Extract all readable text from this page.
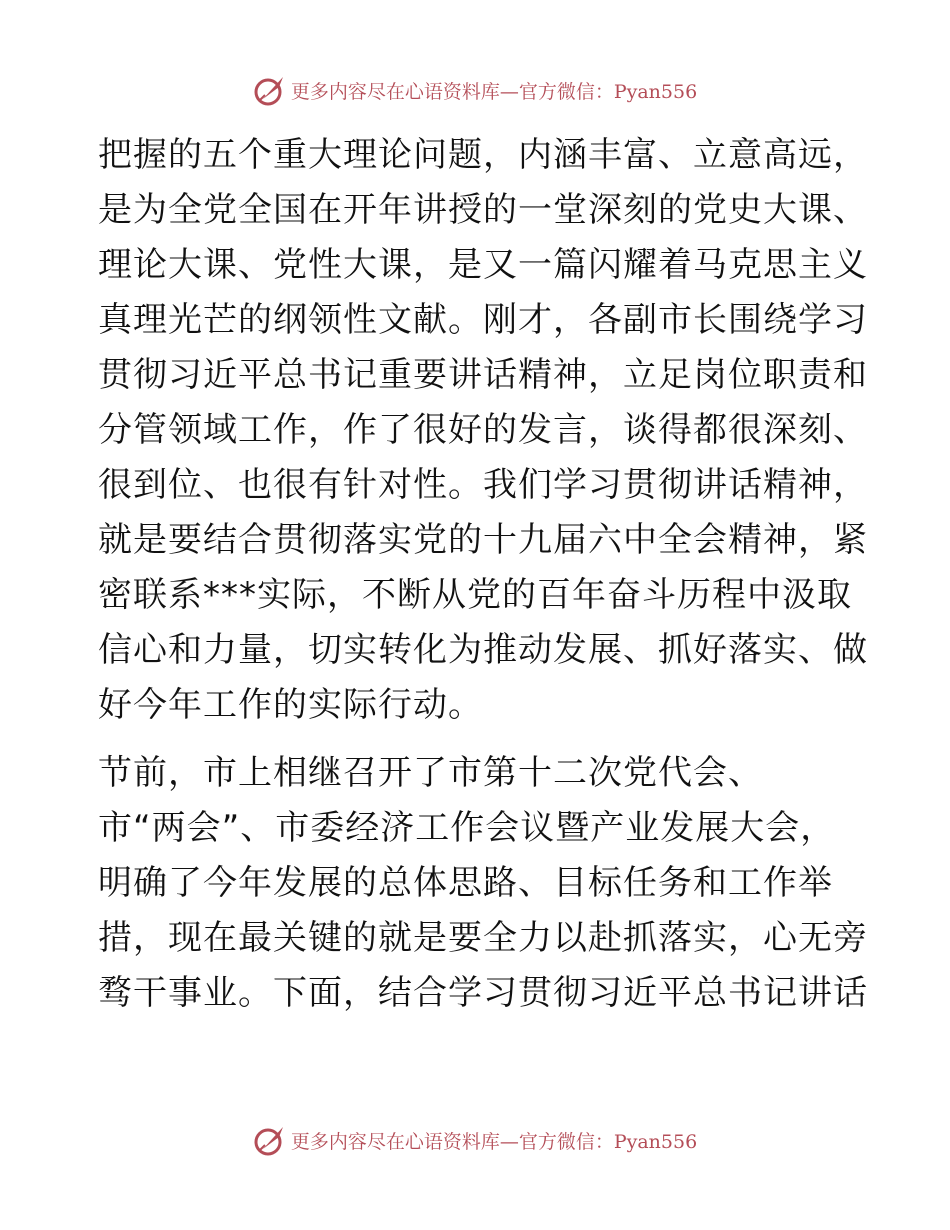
更多内容尽在心语资料库—官方微信：Pyan556
把握的五个重大理论问题，内涵丰富、立意高远，
是为全党全国在开年讲授的一堂深刻的党史大课、
理论大课、党性大课，是又一篇闪耀着马克思主义
真理光芒的纲领性文献。刚才，各副市长围绕学习
贯彻习近平总书记重要讲话精神，立足岗位职责和
分管领域工作，作了很好的发言，谈得都很深刻、
很到位、也很有针对性。我们学习贯彻讲话精神，
就是要结合贯彻落实党的十九届六中全会精神，紧
密联系***实际，不断从党的百年奋斗历程中汲取
信心和力量，切实转化为推动发展、抓好落实、做
好今年工作的实际行动。
节前，市上相继召开了市第十二次党代会、
市“两会”、市委经济工作会议暨产业发展大会，
明确了今年发展的总体思路、目标任务和工作举
措，现在最关键的就是要全力以赴抓落实，心无旁
骛干事业。下面，结合学习贯彻习近平总书记讲话
更多内容尽在心语资料库—官方微信：Pyan556
